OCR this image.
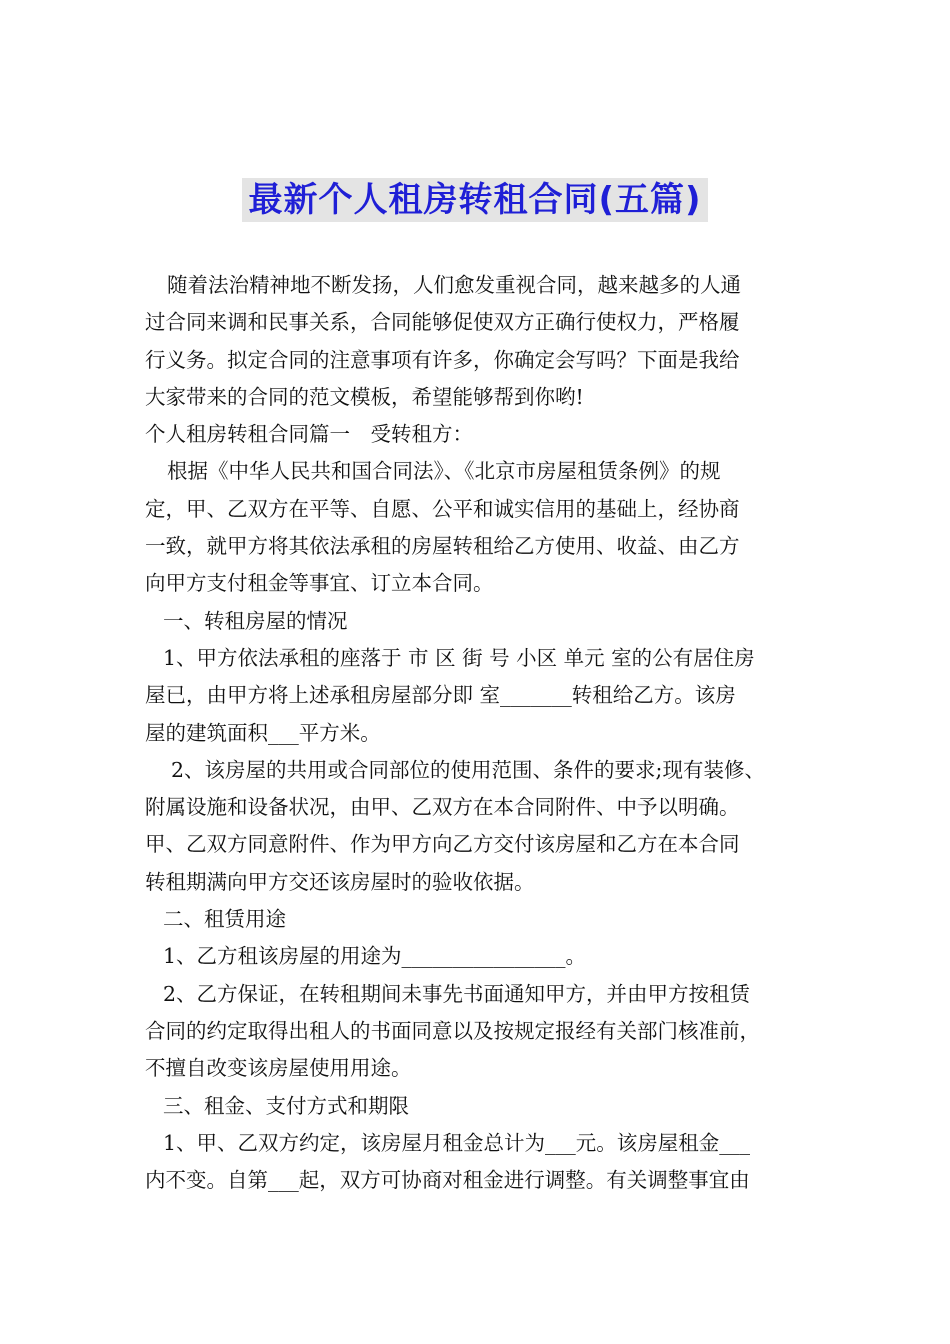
最新个人租房转租合同(五篇)

随着法治精神地不断发扬，人们愈发重视合同，越来越多的人通

过合同来调和民事关系，合同能够促使双方正确行使权力，严格履

行义务。拟定合同的注意事项有许多，你确定会写吗？下面是我给

大家带来的合同的范文模板，希望能够帮到你哟!

个人租房转租合同篇一　受转租方：

根据《中华人民共和国合同法》、《北京市房屋租赁条例》的规

定，甲、乙双方在平等、自愿、公平和诚实信用的基础上，经协商

一致，就甲方将其依法承租的房屋转租给乙方使用、收益、由乙方

向甲方支付租金等事宜、订立本合同。

一、转租房屋的情况

1、甲方依法承租的座落于 市 区 街 号 小区 单元 室的公有居住房

屋已，由甲方将上述承租房屋部分即 室_______转租给乙方。该房

屋的建筑面积___平方米。

2、该房屋的共用或合同部位的使用范围、条件的要求;现有装修、

附属设施和设备状况，由甲、乙双方在本合同附件、中予以明确。

甲、乙双方同意附件、作为甲方向乙方交付该房屋和乙方在本合同

转租期满向甲方交还该房屋时的验收依据。

二、租赁用途

1、乙方租该房屋的用途为________________。

2、乙方保证，在转租期间未事先书面通知甲方，并由甲方按租赁

合同的约定取得出租人的书面同意以及按规定报经有关部门核准前，

不擅自改变该房屋使用用途。

三、租金、支付方式和期限

1、甲、乙双方约定，该房屋月租金总计为___元。该房屋租金___

内不变。自第___起，双方可协商对租金进行调整。有关调整事宜由
